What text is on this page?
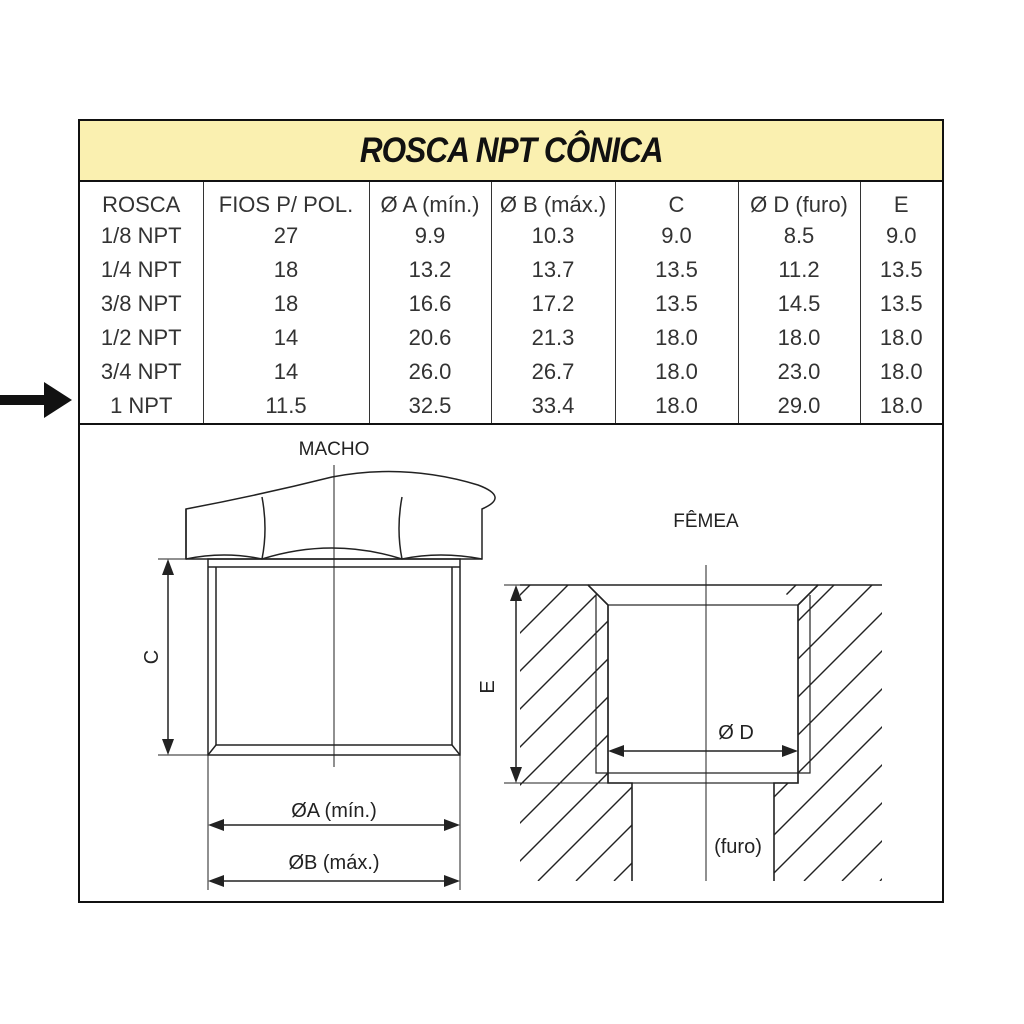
ROSCA NPT CÔNICA
ROSCA	FIOS P/ POL.	Ø A (mín.)	Ø B (máx.)	C	Ø D (furo)	E
1/8 NPT	27	9.9	10.3	9.0	8.5	9.0
1/4 NPT	18	13.2	13.7	13.5	11.2	13.5
3/8 NPT	18	16.6	17.2	13.5	14.5	13.5
1/2 NPT	14	20.6	21.3	18.0	18.0	18.0
3/4 NPT	14	26.0	26.7	18.0	23.0	18.0
1 NPT	11.5	32.5	33.4	18.0	29.0	18.0
MACHO
C
ØA (mín.)
ØB (máx.)
FÊMEA
E
Ø D
(furo)
